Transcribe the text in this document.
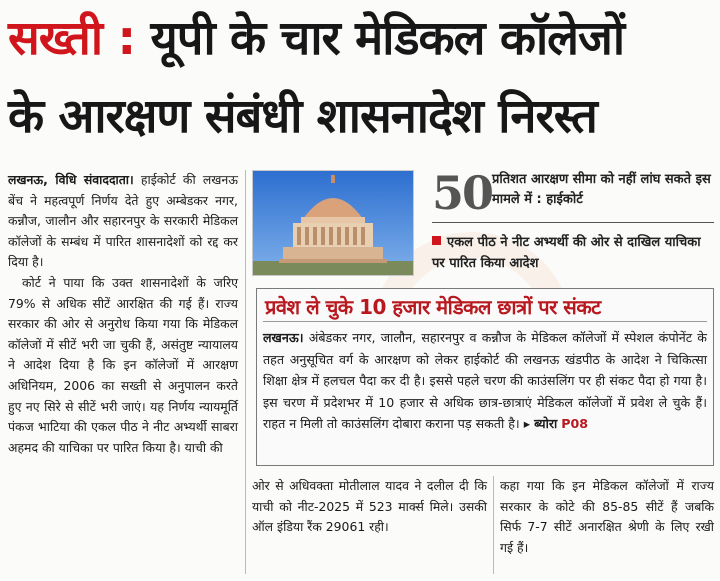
सख्ती : यूपी के चार मेडिकल कॉलेजों
के आरक्षण संबंधी शासनादेश निरस्त

लखनऊ, विधि संवाददाता। हाईकोर्ट की लखनऊ बेंच ने महत्वपूर्ण निर्णय देते हुए अम्बेडकर नगर, कन्नौज, जालौन और सहारनपुर के सरकारी मेडिकल कॉलेजों के सम्बंध में पारित शासनादेशों को रद्द कर दिया है।

कोर्ट ने पाया कि उक्त शासनादेशों के जरिए 79% से अधिक सीटें आरक्षित की गई हैं। राज्य सरकार की ओर से अनुरोध किया गया कि मेडिकल कॉलेजों में सीटें भरी जा चुकी हैं, असंतुष्ट न्यायालय ने आदेश दिया है कि इन कॉलेजों में आरक्षण अधिनियम, 2006 का सख्ती से अनुपालन करते हुए नए सिरे से सीटें भरी जाएं। यह निर्णय न्यायमूर्ति पंकज भाटिया की एकल पीठ ने नीट अभ्यर्थी साबरा अहमद की याचिका पर पारित किया है। याची की

50 प्रतिशत आरक्षण सीमा को नहीं लांघ सकते इस मामले में : हाईकोर्ट
एकल पीठ ने नीट अभ्यर्थी की ओर से दाखिल याचिका पर पारित किया आदेश
प्रवेश ले चुके 10 हजार मेडिकल छात्रों पर संकट
लखनऊ। अंबेडकर नगर, जालौन, सहारनपुर व कन्नौज के मेडिकल कॉलेजों में स्पेशल कंपोनेंट के तहत अनुसूचित वर्ग के आरक्षण को लेकर हाईकोर्ट की लखनऊ खंडपीठ के आदेश ने चिकित्सा शिक्षा क्षेत्र में हलचल पैदा कर दी है। इससे पहले चरण की काउंसलिंग पर ही संकट पैदा हो गया है। इस चरण में प्रदेशभर में 10 हजार से अधिक छात्र-छात्राएं मेडिकल कॉलेजों में प्रवेश ले चुके हैं। राहत न मिली तो काउंसलिंग दोबारा कराना पड़ सकती है। ▸ ब्योरा P08
ओर से अधिवक्ता मोतीलाल यादव ने दलील दी कि याची को नीट-2025 में 523 मार्क्स मिले। उसकी ऑल इंडिया रैंक 29061 रही।
कहा गया कि इन मेडिकल कॉलेजों में राज्य सरकार के कोटे की 85-85 सीटें हैं जबकि सिर्फ 7-7 सीटें अनारक्षित श्रेणी के लिए रखी गई हैं।
